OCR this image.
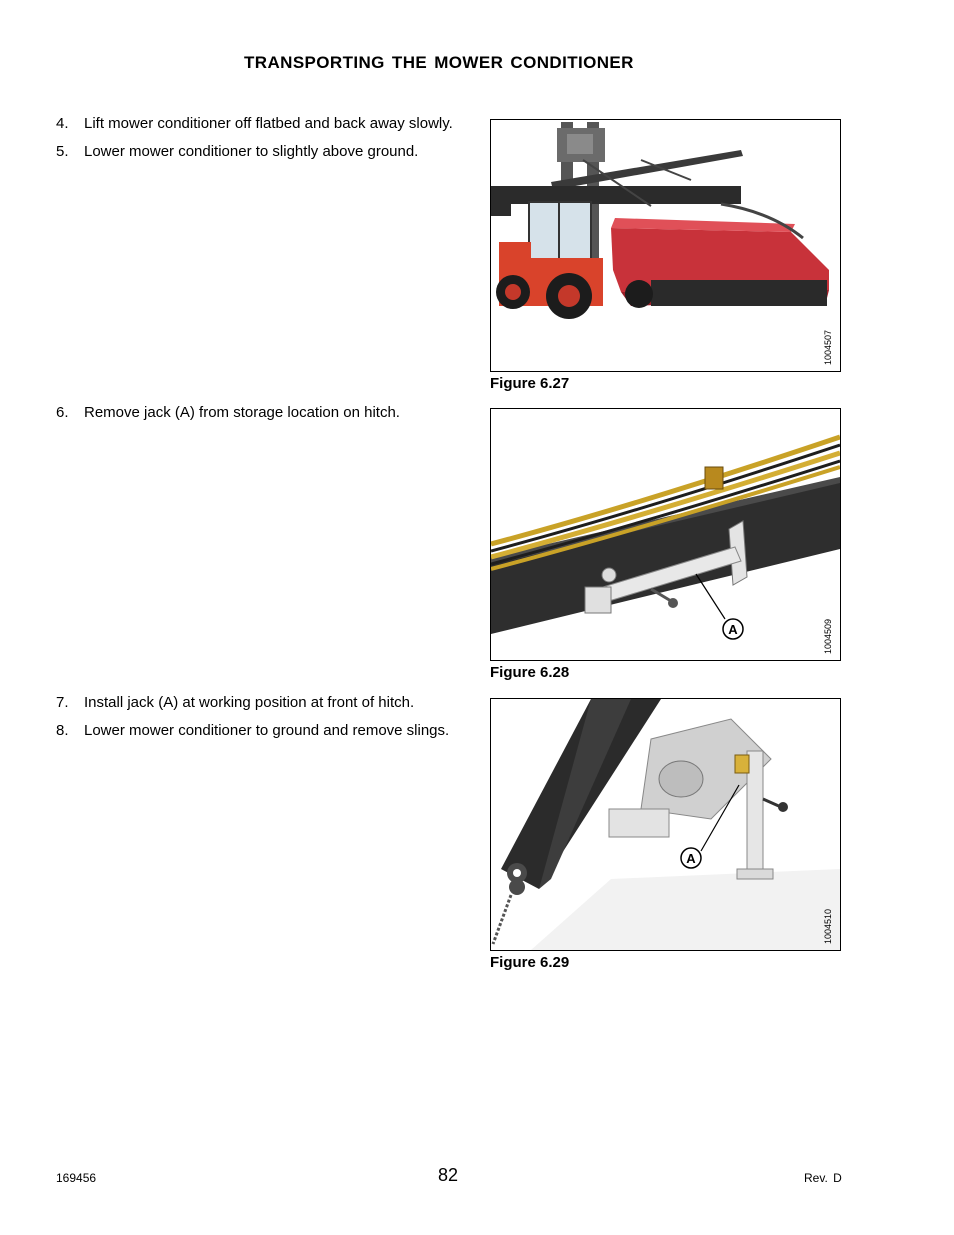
TRANSPORTING THE MOWER CONDITIONER
4. Lift mower conditioner off flatbed and back away slowly.
5. Lower mower conditioner to slightly above ground.
6. Remove jack (A) from storage location on hitch.
7. Install jack (A) at working position at front of hitch.
8. Lower mower conditioner to ground and remove slings.
1004507
Figure 6.27
A	1004509
Figure 6.28
A
1004510
Figure 6.29
169456	82	Rev. D
